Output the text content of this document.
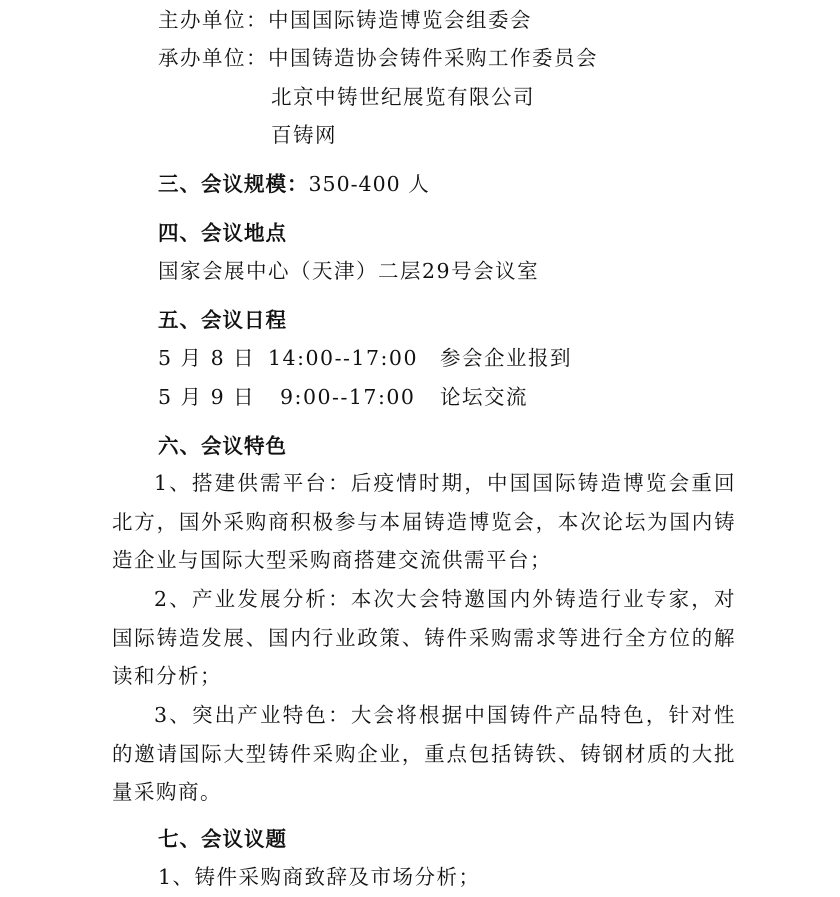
主办单位：中国国际铸造博览会组委会
承办单位：中国铸造协会铸件采购工作委员会
北京中铸世纪展览有限公司
百铸网
三、会议规模：350-400 人
四、会议地点
国家会展中心（天津）二层29号会议室
五、会议日程
5 月 8 日 14:00--17:00 参会企业报到
5 月 9 日 9:00--17:00 论坛交流
六、会议特色
1、搭建供需平台：后疫情时期，中国国际铸造博览会重回北方，国外采购商积极参与本届铸造博览会，本次论坛为国内铸造企业与国际大型采购商搭建交流供需平台；
2、产业发展分析：本次大会特邀国内外铸造行业专家，对国际铸造发展、国内行业政策、铸件采购需求等进行全方位的解读和分析；
3、突出产业特色：大会将根据中国铸件产品特色，针对性的邀请国际大型铸件采购企业，重点包括铸铁、铸钢材质的大批量采购商。
七、会议议题
1、铸件采购商致辞及市场分析；
